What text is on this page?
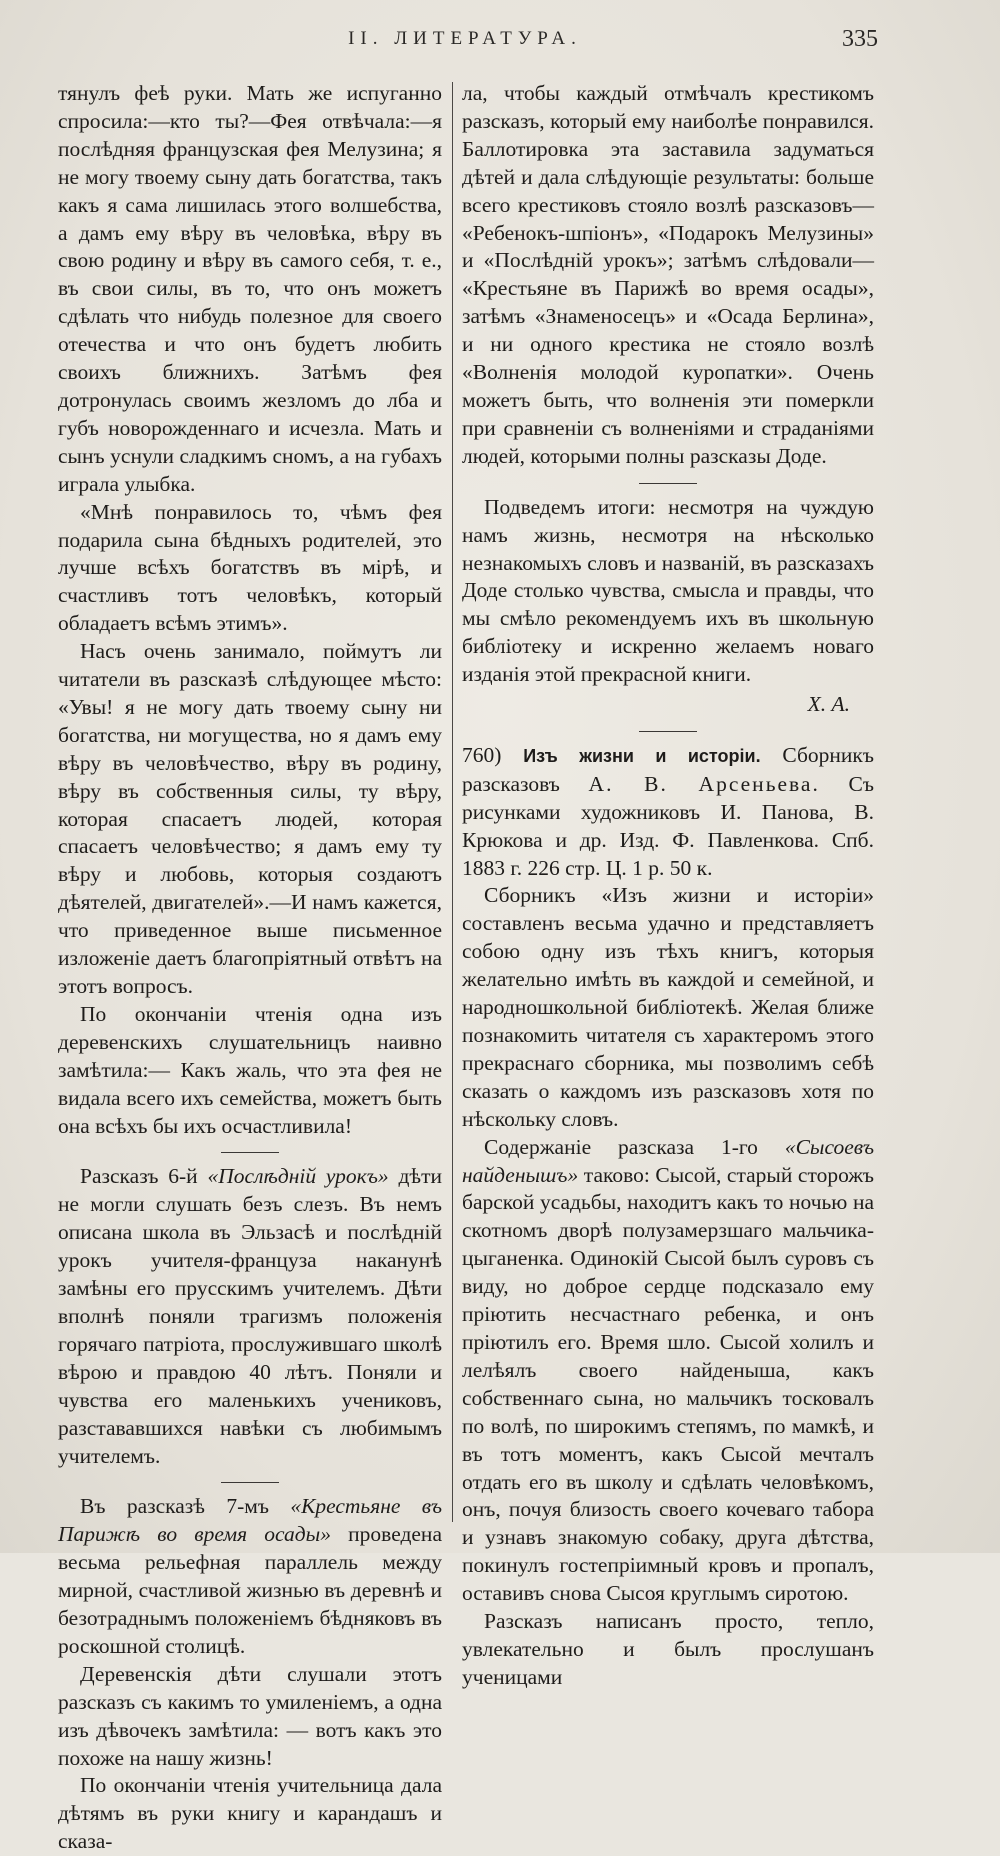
II. ЛИТЕРАТУРА.	335

тянулъ феѣ руки. Мать же испуганно спросила:—кто ты?—Фея отвѣчала:—я послѣдняя французская фея Мелузина; я не могу твоему сыну дать богатства, такъ какъ я сама лишилась этого волшебства, а дамъ ему вѣру въ человѣка, вѣру въ свою родину и вѣру въ самого себя, т. е., въ свои силы, въ то, что онъ можетъ сдѣлать что нибудь полезное для своего отечества и что онъ будетъ любить своихъ ближнихъ. Затѣмъ фея дотронулась своимъ жезломъ до лба и губъ новорожденнаго и исчезла. Мать и сынъ уснули сладкимъ сномъ, а на губахъ играла улыбка.

«Мнѣ понравилось то, чѣмъ фея подарила сына бѣдныхъ родителей, это лучше всѣхъ богатствъ въ мірѣ, и счастливъ тотъ человѣкъ, который обладаетъ всѣмъ этимъ».

Насъ очень занимало, поймутъ ли читатели въ разсказѣ слѣдующее мѣсто: «Увы! я не могу дать твоему сыну ни богатства, ни могущества, но я дамъ ему вѣру въ человѣчество, вѣру въ родину, вѣру въ собственныя силы, ту вѣру, которая спасаетъ людей, которая спасаетъ человѣчество; я дамъ ему ту вѣру и любовь, которыя создаютъ дѣятелей, двигателей».—И намъ кажется, что приведенное выше письменное изложеніе даетъ благопріятный отвѣтъ на этотъ вопросъ.

По окончаніи чтенія одна изъ деревенскихъ слушательницъ наивно замѣтила:— Какъ жаль, что эта фея не видала всего ихъ семейства, можетъ быть она всѣхъ бы ихъ осчастливила!

Разсказъ 6-й «Послѣдній урокъ» дѣти не могли слушать безъ слезъ. Въ немъ описана школа въ Эльзасѣ и послѣдній урокъ учителя-француза наканунѣ замѣны его прусскимъ учителемъ. Дѣти вполнѣ поняли трагизмъ положенія горячаго патріота, прослужившаго школѣ вѣрою и правдою 40 лѣтъ. Поняли и чувства его маленькихъ учениковъ, разстававшихся навѣки съ любимымъ учителемъ.

Въ разсказѣ 7-мъ «Крестьяне въ Парижѣ во время осады» проведена весьма рельефная параллель между мирной, счастливой жизнью въ деревнѣ и безотраднымъ положеніемъ бѣдняковъ въ роскошной столицѣ.

Деревенскія дѣти слушали этотъ разсказъ съ какимъ то умиленіемъ, а одна изъ дѣвочекъ замѣтила: — вотъ какъ это похоже на нашу жизнь!

По окончаніи чтенія учительница дала дѣтямъ въ руки книгу и карандашъ и сказа-

ла, чтобы каждый отмѣчалъ крестикомъ разсказъ, который ему наиболѣе понравился. Баллотировка эта заставила задуматься дѣтей и дала слѣдующіе результаты: больше всего крестиковъ стояло возлѣ разсказовъ— «Ребенокъ-шпіонъ», «Подарокъ Мелузины» и «Послѣдній урокъ»; затѣмъ слѣдовали— «Крестьяне въ Парижѣ во время осады», затѣмъ «Знаменосецъ» и «Осада Берлина», и ни одного крестика не стояло возлѣ «Волненія молодой куропатки». Очень можетъ быть, что волненія эти померкли при сравненіи съ волненіями и страданіями людей, которыми полны разсказы Доде.

Подведемъ итоги: несмотря на чуждую намъ жизнь, несмотря на нѣсколько незнакомыхъ словъ и названій, въ разсказахъ Доде столько чувства, смысла и правды, что мы смѣло рекомендуемъ ихъ въ школьную библіотеку и искренно желаемъ новаго изданія этой прекрасной книги.

Х. А.

760) Изъ жизни и исторіи. Сборникъ разсказовъ А. В. Арсеньева. Съ рисунками художниковъ И. Панова, В. Крюкова и др. Изд. Ф. Павленкова. Спб. 1883 г. 226 стр. Ц. 1 р. 50 к.

Сборникъ «Изъ жизни и исторіи» составленъ весьма удачно и представляетъ собою одну изъ тѣхъ книгъ, которыя желательно имѣть въ каждой и семейной, и народношкольной библіотекѣ. Желая ближе познакомить читателя съ характеромъ этого прекраснаго сборника, мы позволимъ себѣ сказать о каждомъ изъ разсказовъ хотя по нѣскольку словъ.

Содержаніе разсказа 1-го «Сысоевъ найденышъ» таково: Сысой, старый сторожъ барской усадьбы, находитъ какъ то ночью на скотномъ дворѣ полузамерзшаго мальчика-цыганенка. Одинокій Сысой былъ суровъ съ виду, но доброе сердце подсказало ему пріютить несчастнаго ребенка, и онъ пріютилъ его. Время шло. Сысой холилъ и лелѣялъ своего найденыша, какъ собственнаго сына, но мальчикъ тосковалъ по волѣ, по широкимъ степямъ, по мамкѣ, и въ тотъ моментъ, какъ Сысой мечталъ отдать его въ школу и сдѣлать человѣкомъ, онъ, почуя близость своего кочеваго табора и узнавъ знакомую собаку, друга дѣтства, покинулъ гостепріимный кровъ и пропалъ, оставивъ снова Сысоя круглымъ сиротою.

Разсказъ написанъ просто, тепло, увлекательно и былъ прослушанъ ученицами
